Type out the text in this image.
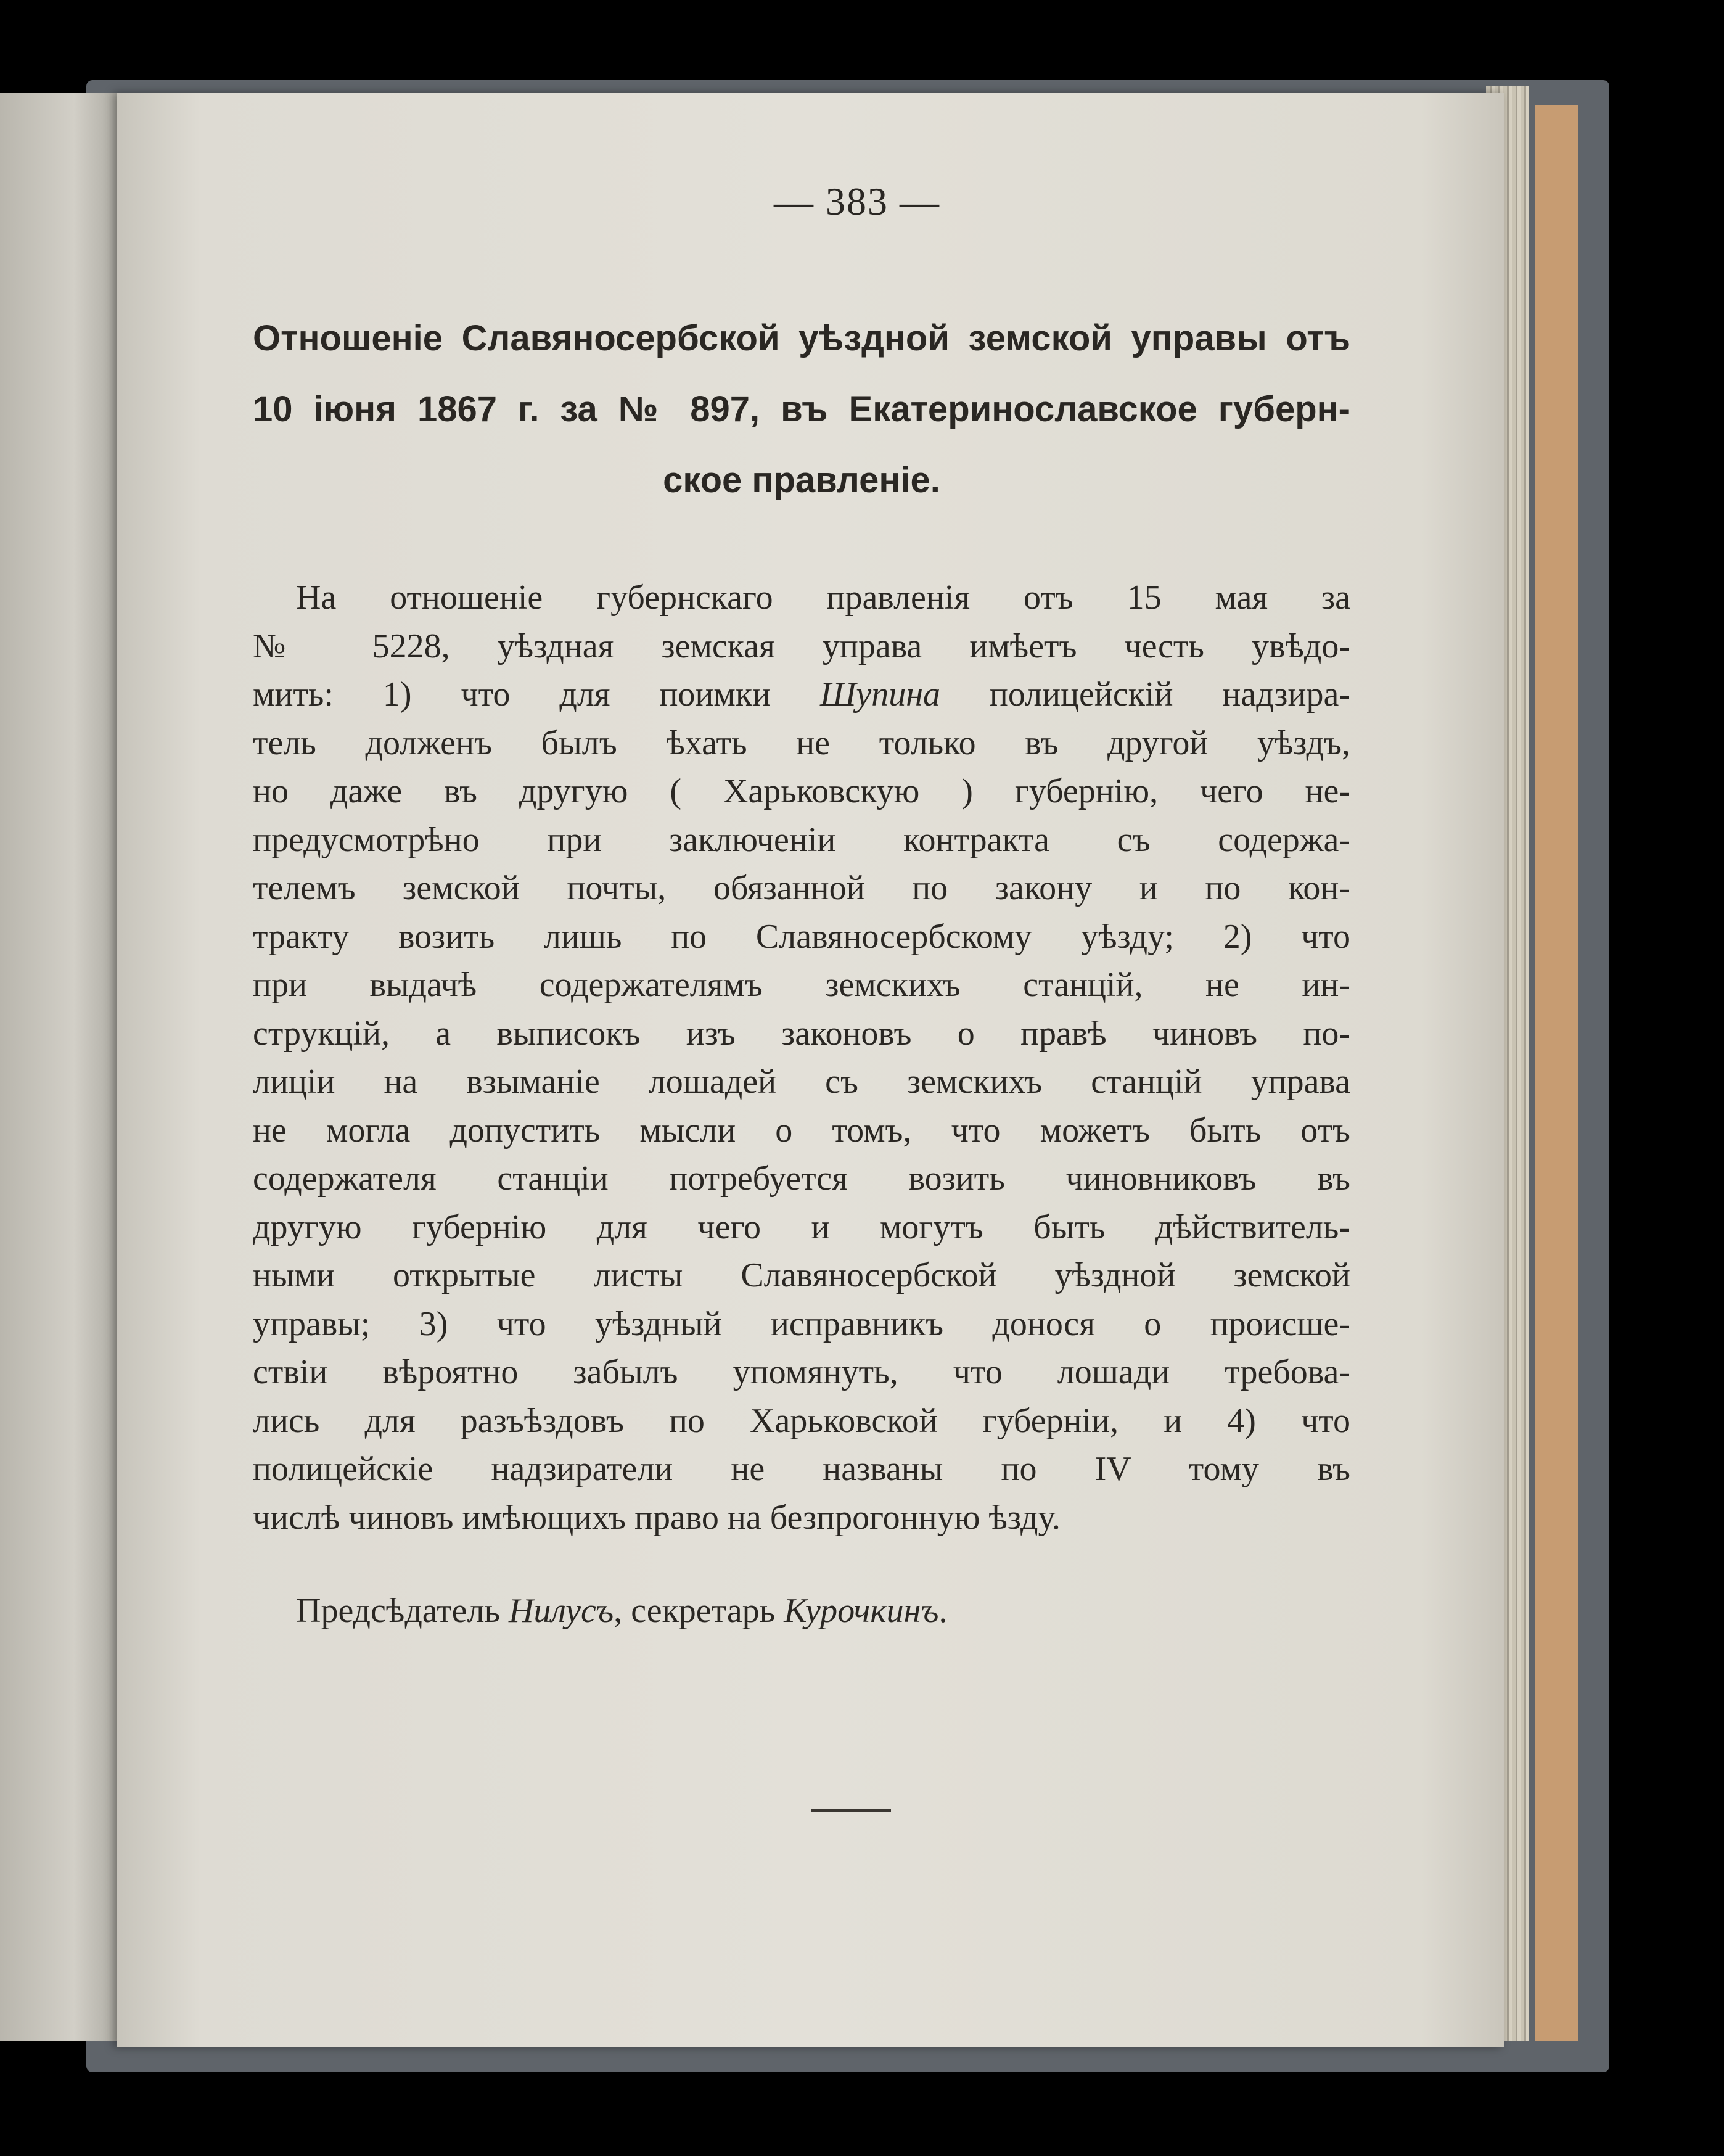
— 383 —
Отношеніе Славяносербской уѣздной земской управы отъ
10 іюня 1867 г. за № 897, въ Екатеринославское губерн-
ское правленіе.
На отношеніе губернскаго правленія отъ 15 мая за
№ 5228, уѣздная земская управа имѣетъ честь увѣдо-
мить: 1) что для поимки Шупина полицейскій надзира-
тель долженъ былъ ѣхать не только въ другой уѣздъ,
но даже въ другую ( Харьковскую ) губернію, чего не-
предусмотрѣно при заключеніи контракта съ содержа-
телемъ земской почты, обязанной по закону и по кон-
тракту возить лишь по Славяносербскому уѣзду; 2) что
при выдачѣ содержателямъ земскихъ станцій, не ин-
струкцій, а выписокъ изъ законовъ о правѣ чиновъ по-
лиціи на взыманіе лошадей съ земскихъ станцій управа
не могла допустить мысли о томъ, что можетъ быть отъ
содержателя станціи потребуется возить чиновниковъ въ
другую губернію для чего и могутъ быть дѣйствитель-
ными открытые листы Славяносербской уѣздной земской
управы; 3) что уѣздный исправникъ донося о происше-
ствіи вѣроятно забылъ упомянуть, что лошади требова-
лись для разъѣздовъ по Харьковской губерніи, и 4) что
полицейскіе надзиратели не названы по IV тому въ
числѣ чиновъ имѣющихъ право на безпрогонную ѣзду.
Предсѣдатель Нилусъ, секретарь Курочкинъ.
